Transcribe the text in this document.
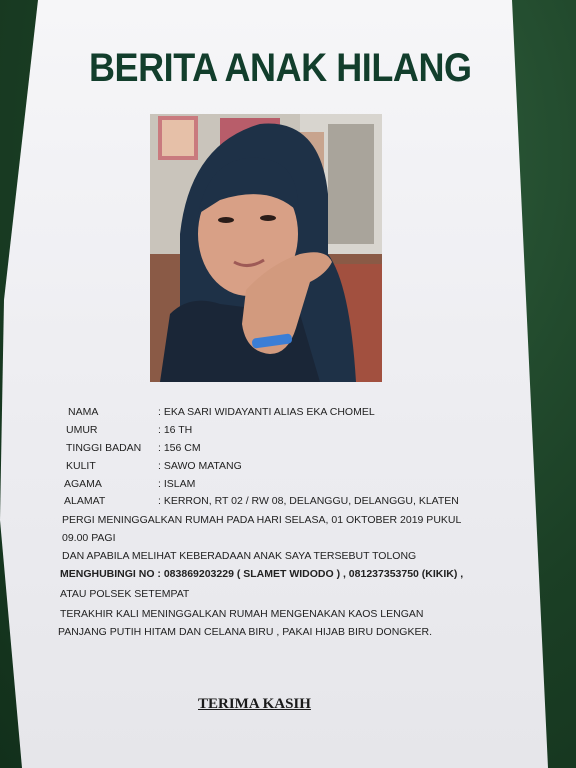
BERITA ANAK HILANG
NAMA	: EKA SARI WIDAYANTI ALIAS EKA CHOMEL
UMUR	: 16 TH
TINGGI BADAN : 156 CM
KULIT	: SAWO MATANG
AGAMA	: ISLAM
ALAMAT	: KERRON, RT 02 / RW 08, DELANGGU, DELANGGU, KLATEN
PERGI MENINGGALKAN RUMAH PADA HARI SELASA, 01 OKTOBER 2019 PUKUL
09.00 PAGI
DAN APABILA MELIHAT KEBERADAAN ANAK SAYA TERSEBUT TOLONG
MENGHUBINGI NO : 083869203229 ( SLAMET WIDODO ) , 081237353750 (KIKIK) ,
ATAU POLSEK SETEMPAT
TERAKHIR KALI MENINGGALKAN RUMAH MENGENAKAN KAOS LENGAN
PANJANG PUTIH HITAM DAN CELANA BIRU , PAKAI HIJAB BIRU DONGKER.
TERIMA KASIH
